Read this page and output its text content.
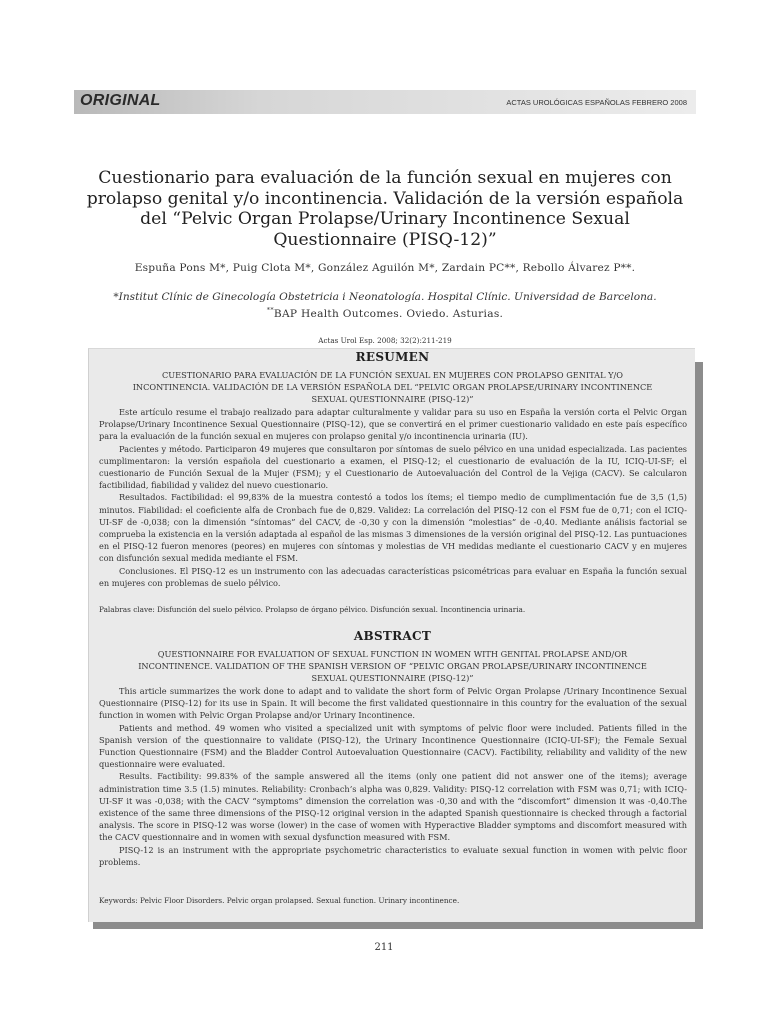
ORIGINAL	ACTAS UROLÓGICAS ESPAÑOLAS FEBRERO 2008
Cuestionario para evaluación de la función sexual en mujeres con
prolapso genital y/o incontinencia. Validación de la versión española
del “Pelvic Organ Prolapse/Urinary Incontinence Sexual
Questionnaire (PISQ-12)”
Espuña Pons M*, Puig Clota M*, González Aguilón M*, Zardain PC**, Rebollo Álvarez P**.
*Institut Clínic de Ginecología Obstetricia i Neonatología. Hospital Clínic. Universidad de Barcelona.
**BAP Health Outcomes. Oviedo. Asturias.
Actas Urol Esp. 2008; 32(2):211-219
RESUMEN
CUESTIONARIO PARA EVALUACIÓN DE LA FUNCIÓN SEXUAL EN MUJERES CON PROLAPSO GENITAL Y/O
INCONTINENCIA. VALIDACIÓN DE LA VERSIÓN ESPAÑOLA DEL “PELVIC ORGAN PROLAPSE/URINARY INCONTINENCE
SEXUAL QUESTIONNAIRE (PISQ-12)”

Este artículo resume el trabajo realizado para adaptar culturalmente y validar para su uso en España la versión corta el Pelvic Organ Prolapse/Urinary Incontinence Sexual Questionnaire (PISQ-12), que se convertirá en el primer cuestionario validado en este país específico para la evaluación de la función sexual en mujeres con prolapso genital y/o incontinencia urinaria (IU).

Pacientes y método. Participaron 49 mujeres que consultaron por síntomas de suelo pélvico en una unidad especializada. Las pacientes cumplimentaron: la versión española del cuestionario a examen, el PISQ-12; el cuestionario de evaluación de la IU, ICIQ-UI-SF; el cuestionario de Función Sexual de la Mujer (FSM); y el Cuestionario de Autoevaluación del Control de la Vejiga (CACV). Se calcularon factibilidad, fiabilidad y validez del nuevo cuestionario.

Resultados. Factibilidad: el 99,83% de la muestra contestó a todos los ítems; el tiempo medio de cumplimentación fue de 3,5 (1,5) minutos. Fiabilidad: el coeficiente alfa de Cronbach fue de 0,829. Validez: La correlación del PISQ-12 con el FSM fue de 0,71; con el ICIQ-UI-SF de -0,038; con la dimensión “síntomas” del CACV, de -0,30 y con la dimensión “molestias” de -0,40. Mediante análisis factorial se comprueba la existencia en la versión adaptada al español de las mismas 3 dimensiones de la versión original del PISQ-12. Las puntuaciones en el PISQ-12 fueron menores (peores) en mujeres con síntomas y molestias de VH medidas mediante el cuestionario CACV y en mujeres con disfunción sexual medida mediante el FSM.

Conclusiones. El PISQ-12 es un instrumento con las adecuadas características psicométricas para evaluar en España la función sexual en mujeres con problemas de suelo pélvico.

Palabras clave: Disfunción del suelo pélvico. Prolapso de órgano pélvico. Disfunción sexual. Incontinencia urinaria.
ABSTRACT
QUESTIONNAIRE FOR EVALUATION OF SEXUAL FUNCTION IN WOMEN WITH GENITAL PROLAPSE AND/OR
INCONTINENCE. VALIDATION OF THE SPANISH VERSION OF “PELVIC ORGAN PROLAPSE/URINARY INCONTINENCE
SEXUAL QUESTIONNAIRE (PISQ-12)”

This article summarizes the work done to adapt and to validate the short form of Pelvic Organ Prolapse /Urinary Incontinence Sexual Questionnaire (PISQ-12) for its use in Spain. It will become the first validated questionnaire in this country for the evaluation of the sexual function in women with Pelvic Organ Prolapse and/or Urinary Incontinence.

Patients and method. 49 women who visited a specialized unit with symptoms of pelvic floor were included. Patients filled in the Spanish version of the questionnaire to validate (PISQ-12), the Urinary Incontinence Questionnaire (ICIQ-UI-SF); the Female Sexual Function Questionnaire (FSM) and the Bladder Control Autoevaluation Questionnaire (CACV). Factibility, reliability and validity of the new questionnaire were evaluated.

Results. Factibility: 99.83% of the sample answered all the items (only one patient did not answer one of the items); average administration time 3.5 (1.5) minutes. Reliability: Cronbach’s alpha was 0,829. Validity: PISQ-12 correlation with FSM was 0,71; with ICIQ-UI-SF it was -0,038; with the CACV “symptoms” dimension the correlation was -0,30 and with the “discomfort” dimension it was -0,40.The existence of the same three dimensions of the PISQ-12 original version in the adapted Spanish questionnaire is checked through a factorial analysis. The score in PISQ-12 was worse (lower) in the case of women with Hyperactive Bladder symptoms and discomfort measured with the CACV questionnaire and in women with sexual dysfunction measured with FSM.

PISQ-12 is an instrument with the appropriate psychometric characteristics to evaluate sexual function in women with pelvic floor problems.

Keywords: Pelvic Floor Disorders. Pelvic organ prolapsed. Sexual function. Urinary incontinence.
211
